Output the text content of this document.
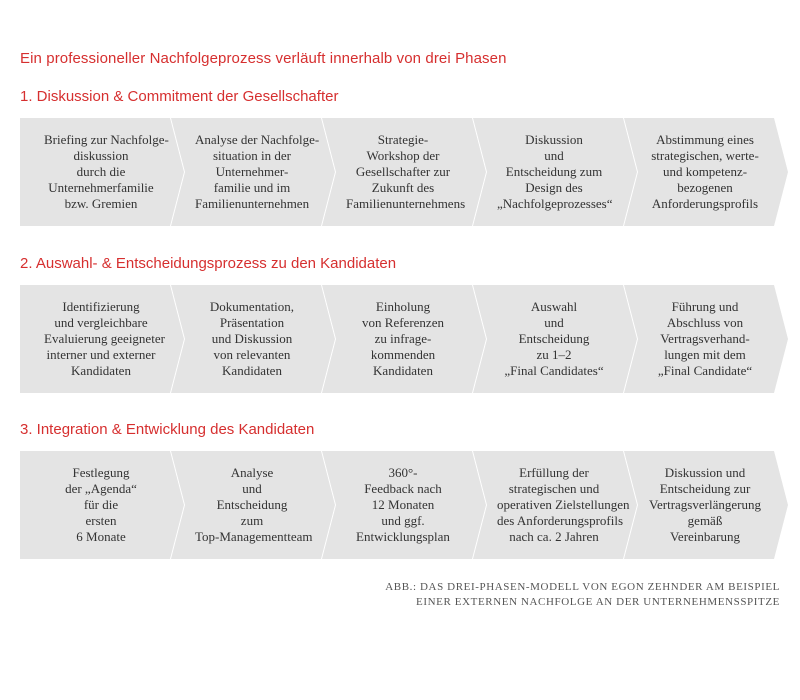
Ein professioneller Nachfolgeprozess verläuft innerhalb von drei Phasen
1. Diskussion & Commitment der Gesellschafter
Briefing zur Nachfolge-
diskussion
durch die
Unternehmerfamilie
bzw. Gremien
Analyse der Nachfolge-
situation in der
Unternehmer-
familie und im
Familienunternehmen
Strategie-
Workshop der
Gesellschafter zur
Zukunft des
Familienunternehmens
Diskussion
und
Entscheidung zum
Design des
„Nachfolgeprozesses“
Abstimmung eines
strategischen, werte-
und kompetenz-
bezogenen
Anforderungsprofils
2. Auswahl- & Entscheidungsprozess zu den Kandidaten
Identifizierung
und vergleichbare
Evaluierung geeigneter
interner und externer
Kandidaten
Dokumentation,
Präsentation
und Diskussion
von relevanten
Kandidaten
Einholung
von Referenzen
zu infrage-
kommenden
Kandidaten
Auswahl
und
Entscheidung
zu 1–2
„Final Candidates“
Führung und
Abschluss von
Vertragsverhand-
lungen mit dem
„Final Candidate“
3. Integration & Entwicklung des Kandidaten
Festlegung
der „Agenda“
für die
ersten
6 Monate
Analyse
und
Entscheidung
zum
Top-Managementteam
360°-
Feedback nach
12 Monaten
und ggf.
Entwicklungsplan
Erfüllung der
strategischen und
operativen Zielstellungen
des Anforderungsprofils
nach ca. 2 Jahren
Diskussion und
Entscheidung zur
Vertragsverlängerung
gemäß
Vereinbarung
ABB.: DAS DREI-PHASEN-MODELL VON EGON ZEHNDER AM BEISPIEL
EINER EXTERNEN NACHFOLGE AN DER UNTERNEHMENSSPITZE
